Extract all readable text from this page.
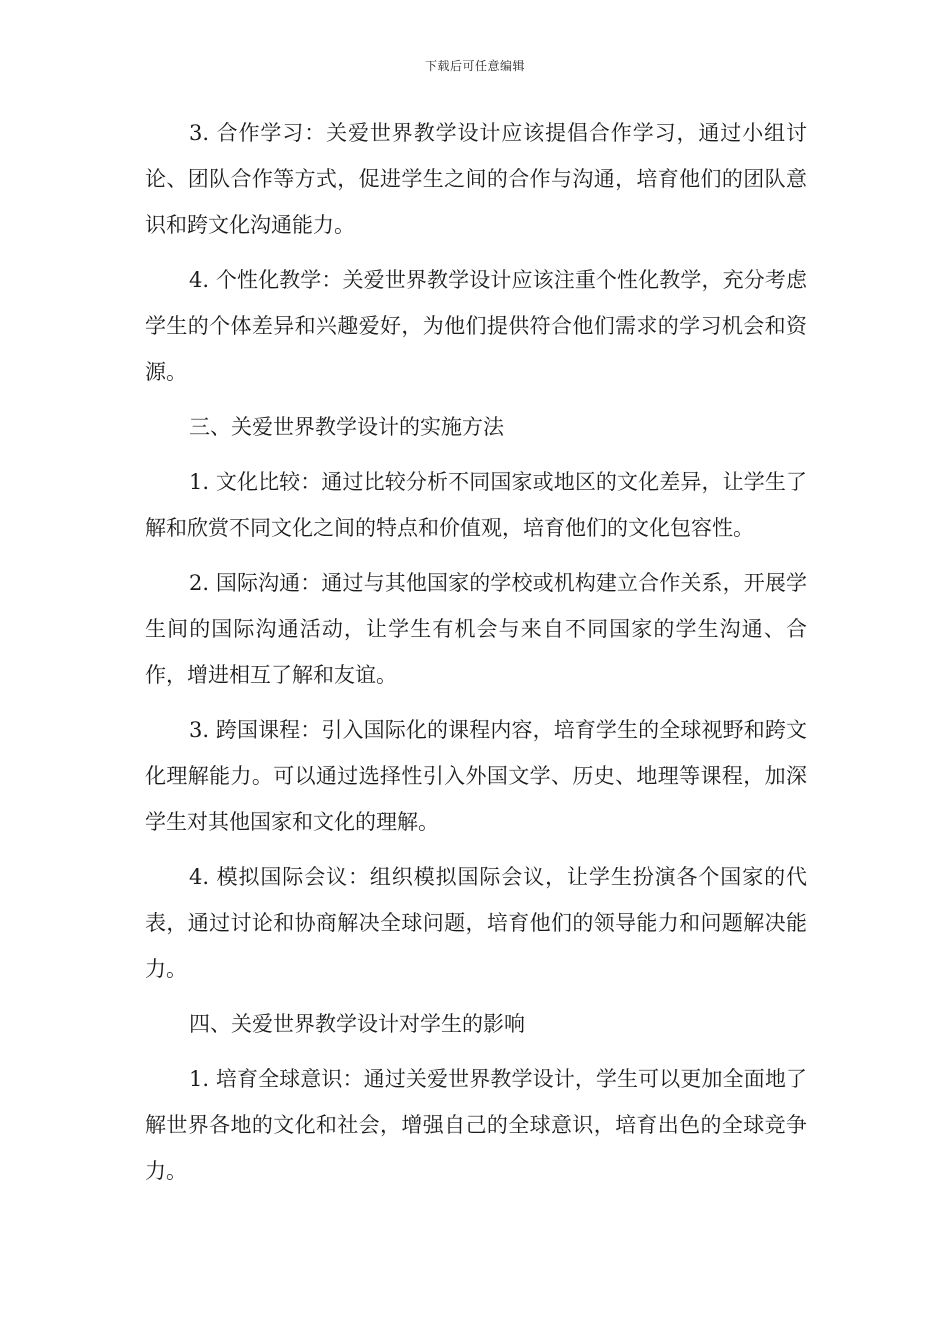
下载后可任意编辑

3. 合作学习：关爱世界教学设计应该提倡合作学习，通过小组讨论、团队合作等方式，促进学生之间的合作与沟通，培育他们的团队意识和跨文化沟通能力。

4. 个性化教学：关爱世界教学设计应该注重个性化教学，充分考虑学生的个体差异和兴趣爱好，为他们提供符合他们需求的学习机会和资源。

三、关爱世界教学设计的实施方法

1. 文化比较：通过比较分析不同国家或地区的文化差异，让学生了解和欣赏不同文化之间的特点和价值观，培育他们的文化包容性。

2. 国际沟通：通过与其他国家的学校或机构建立合作关系，开展学生间的国际沟通活动，让学生有机会与来自不同国家的学生沟通、合作，增进相互了解和友谊。

3. 跨国课程：引入国际化的课程内容，培育学生的全球视野和跨文化理解能力。可以通过选择性引入外国文学、历史、地理等课程，加深学生对其他国家和文化的理解。

4. 模拟国际会议：组织模拟国际会议，让学生扮演各个国家的代表，通过讨论和协商解决全球问题，培育他们的领导能力和问题解决能力。

四、关爱世界教学设计对学生的影响

1. 培育全球意识：通过关爱世界教学设计，学生可以更加全面地了解世界各地的文化和社会，增强自己的全球意识，培育出色的全球竞争力。
